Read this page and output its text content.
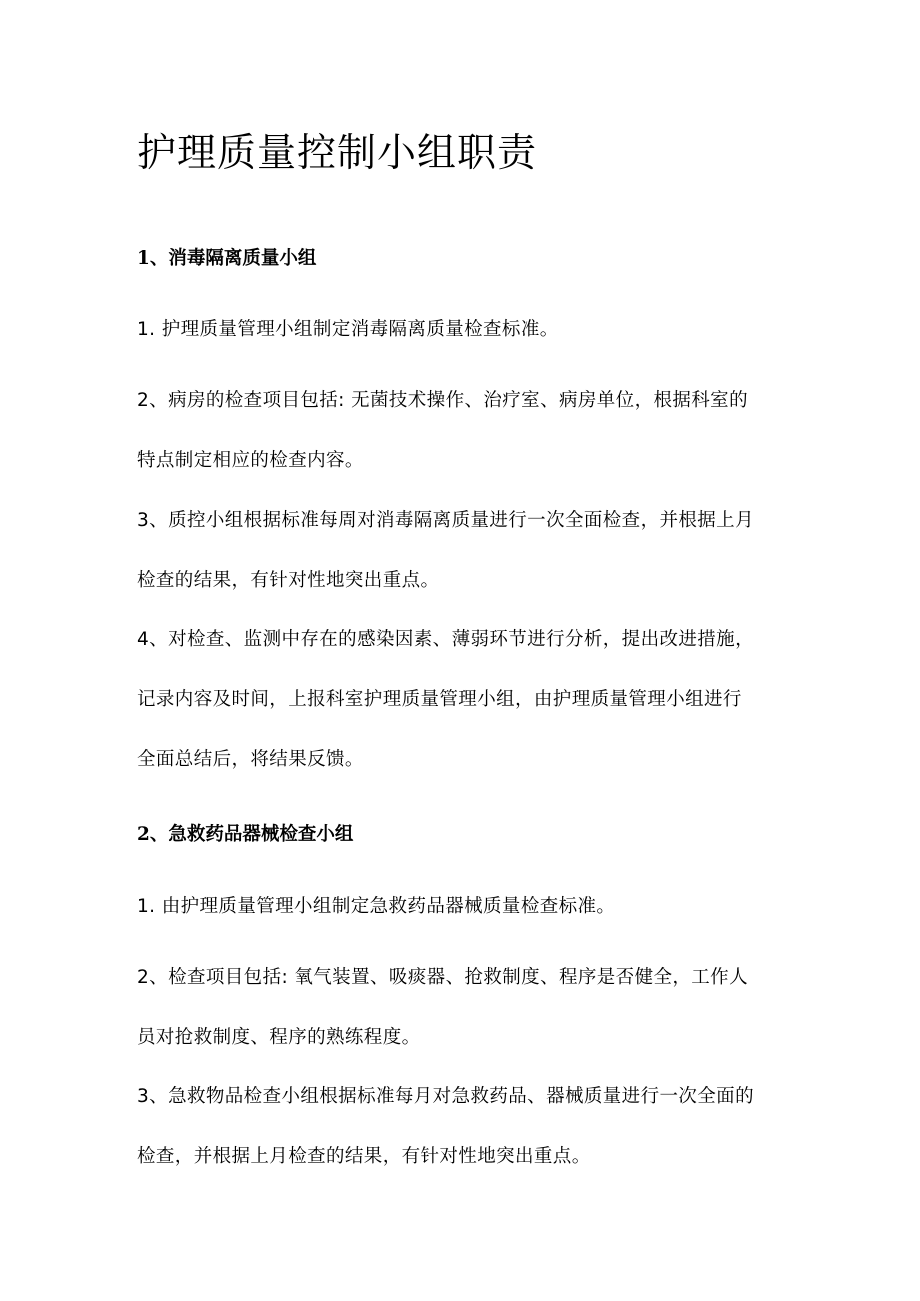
护理质量控制小组职责
1、消毒隔离质量小组

1. 护理质量管理小组制定消毒隔离质量检查标准。

2、病房的检查项目包括: 无菌技术操作、治疗室、病房单位，根据科室的
特点制定相应的检查内容。

3、质控小组根据标准每周对消毒隔离质量进行一次全面检查，并根据上月
检查的结果，有针对性地突出重点。

4、对检查、监测中存在的感染因素、薄弱环节进行分析，提出改进措施，
记录内容及时间，上报科室护理质量管理小组，由护理质量管理小组进行
全面总结后，将结果反馈。

2、急救药品器械检查小组

1. 由护理质量管理小组制定急救药品器械质量检查标准。

2、检查项目包括: 氧气装置、吸痰器、抢救制度、程序是否健全，工作人
员对抢救制度、程序的熟练程度。

3、急救物品检查小组根据标准每月对急救药品、器械质量进行一次全面的
检查，并根据上月检查的结果，有针对性地突出重点。
